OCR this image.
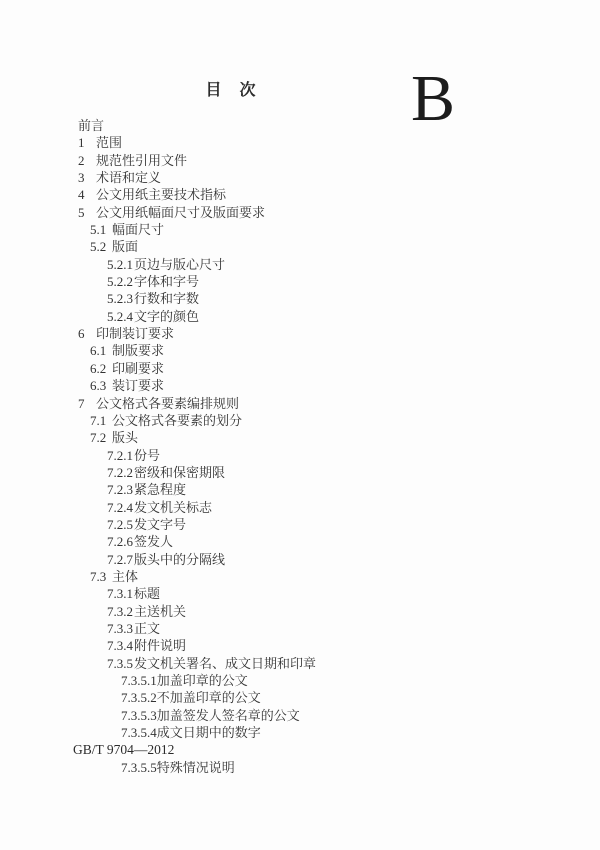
目　次	B
前言
1 范围
2 规范性引用文件
3 术语和定义
4 公文用纸主要技术指标
5 公文用纸幅面尺寸及版面要求
5.1 幅面尺寸
5.2 版面
5.2.1页边与版心尺寸
5.2.2字体和字号
5.2.3行数和字数
5.2.4文字的颜色
6 印制装订要求
6.1 制版要求
6.2 印刷要求
6.3 装订要求
7 公文格式各要素编排规则
7.1 公文格式各要素的划分
7.2 版头
7.2.1份号
7.2.2密级和保密期限
7.2.3紧急程度
7.2.4发文机关标志
7.2.5发文字号
7.2.6签发人
7.2.7版头中的分隔线
7.3 主体
7.3.1标题
7.3.2主送机关
7.3.3正文
7.3.4附件说明
7.3.5发文机关署名、成文日期和印章
7.3.5.1加盖印章的公文
7.3.5.2不加盖印章的公文
7.3.5.3加盖签发人签名章的公文
7.3.5.4成文日期中的数字
GB/T 9704—2012
7.3.5.5特殊情况说明
